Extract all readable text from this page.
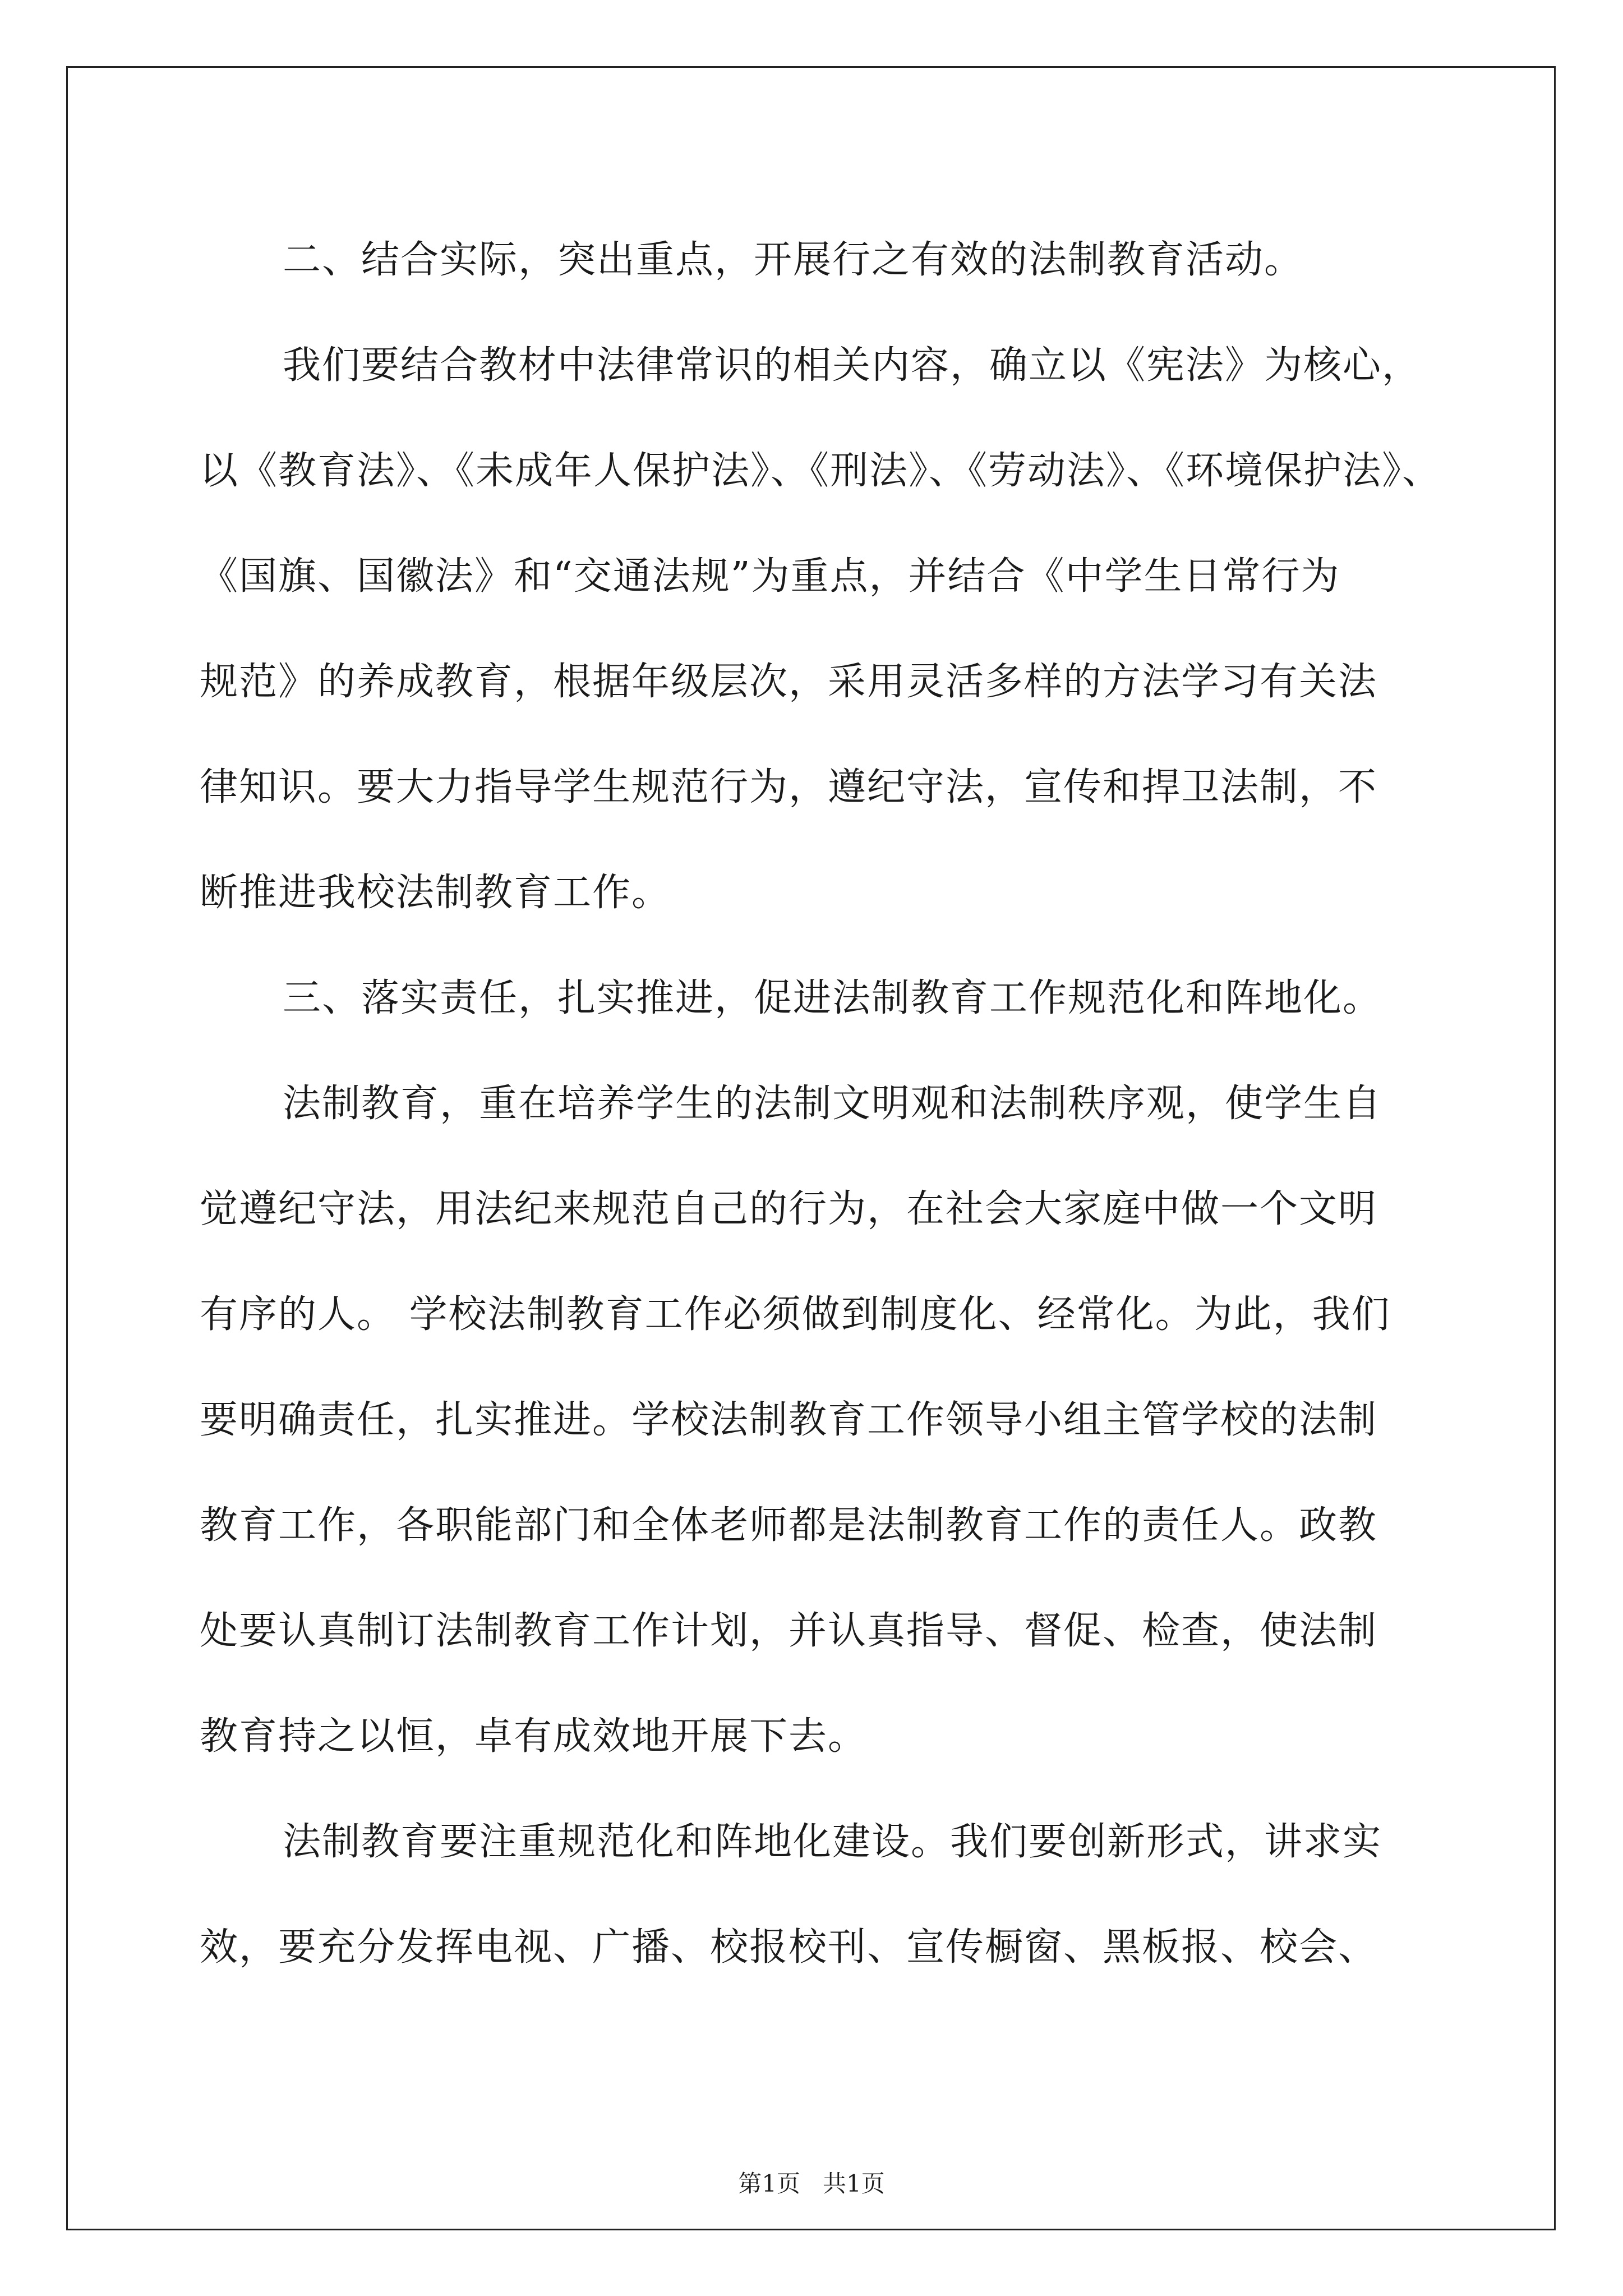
二、结合实际，突出重点，开展行之有效的法制教育活动。

我们要结合教材中法律常识的相关内容，确立以《宪法》为核心，
以《教育法》、《未成年人保护法》、《刑法》、《劳动法》、《环境保护法》、
《国旗、国徽法》和“交通法规”为重点，并结合《中学生日常行为
规范》的养成教育，根据年级层次，采用灵活多样的方法学习有关法
律知识。要大力指导学生规范行为，遵纪守法，宣传和捍卫法制，不
断推进我校法制教育工作。

三、落实责任，扎实推进，促进法制教育工作规范化和阵地化。

法制教育，重在培养学生的法制文明观和法制秩序观，使学生自
觉遵纪守法，用法纪来规范自己的行为，在社会大家庭中做一个文明
有序的人。 学校法制教育工作必须做到制度化、经常化。为此，我们
要明确责任，扎实推进。学校法制教育工作领导小组主管学校的法制
教育工作，各职能部门和全体老师都是法制教育工作的责任人。政教
处要认真制订法制教育工作计划，并认真指导、督促、检查，使法制
教育持之以恒，卓有成效地开展下去。

法制教育要注重规范化和阵地化建设。我们要创新形式，讲求实
效，要充分发挥电视、广播、校报校刊、宣传橱窗、黑板报、校会、

第1页 共1页
